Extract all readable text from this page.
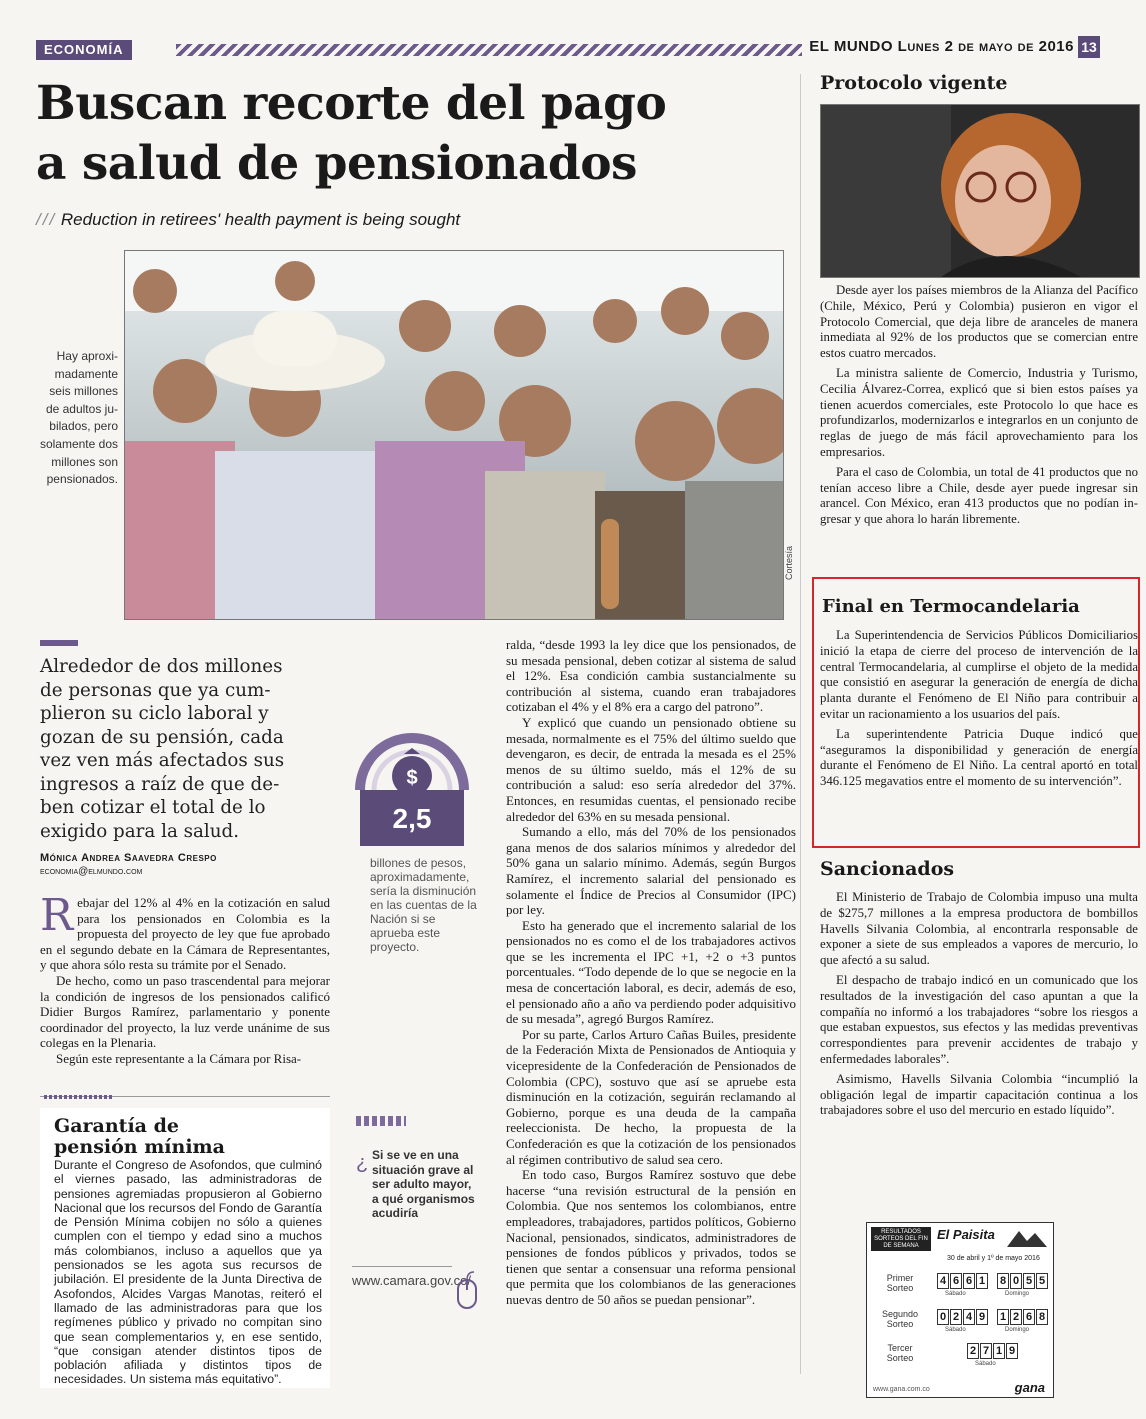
ECONOMÍA	EL MUNDO Lunes 2 de mayo de 2016 13
Buscan recorte del pago
a salud de pensionados
/// Reduction in retirees' health payment is being sought
Cortesía
Hay aproximadamente seis millones de adultos jubilados, pero solamente dos millones son pensionados.
Alrededor de dos millones de personas que ya cumplieron su ciclo laboral y gozan de su pensión, cada vez ven más afectados sus ingresos a raíz de que deben cotizar el total de lo exigido para la salud.
Mónica Andrea Saavedra Crespo
economia@elmundo.com

Rebajar del 12% al 4% en la cotización en salud para los pensionados en Colombia es la propuesta del proyecto de ley que fue aprobado en el segundo debate en la Cámara de Representantes, y que ahora sólo resta su trámite por el Senado.

De hecho, como un paso trascendental para mejorar la condición de ingresos de los pensionados calificó Didier Burgos Ramírez, parlamentario y ponente coordinador del proyecto, la luz verde unánime de sus colegas en la Plenaria.

Según este representante a la Cámara por Risa-

$
2,5
billones de pesos, aproximadamente, sería la disminución en las cuentas de la Nación si se aprueba este proyecto.

ralda, “desde 1993 la ley dice que los pensionados, de su mesada pensional, deben cotizar al sistema de salud el 12%. Esa condición cambia sustancialmente su contribución al sistema, cuando eran trabajadores cotizaban el 4% y el 8% era a cargo del patrono”.

Y explicó que cuando un pensionado obtiene su mesada, normalmente es el 75% del último sueldo que devengaron, es decir, de entrada la mesada es el 25% menos de su último sueldo, más el 12% de su contribución a salud: eso sería alrededor del 37%. Entonces, en resumidas cuentas, el pensionado recibe alrededor del 63% en su mesada pensional.

Sumando a ello, más del 70% de los pensionados gana menos de dos salarios mínimos y alrededor del 50% gana un salario mínimo. Además, según Burgos Ramírez, el incremento salarial del pensionado es solamente el Índice de Precios al Consumidor (IPC) por ley.

Esto ha generado que el incremento salarial de los pensionados no es como el de los trabajadores activos que se les incrementa el IPC +1, +2 o +3 puntos porcentuales. “Todo depende de lo que se negocie en la mesa de concertación laboral, es decir, además de eso, el pensionado año a año va perdiendo poder adquisitivo de su mesada”, agregó Burgos Ramírez.

Por su parte, Carlos Arturo Cañas Builes, presidente de la Federación Mixta de Pensionados de Antioquia y vicepresidente de la Confederación de Pensionados de Colombia (CPC), sostuvo que así se apruebe esta disminución en la cotización, seguirán reclamando al Gobierno, porque es una deuda de la campaña reeleccionista. De hecho, la propuesta de la Confederación es que la cotización de los pensionados al régimen contributivo de salud sea cero.

En todo caso, Burgos Ramírez sostuvo que debe hacerse “una revisión estructural de la pensión en Colombia. Que nos sentemos los colombianos, entre empleadores, trabajadores, partidos políticos, Gobierno Nacional, pensionados, sindicatos, administradores de pensiones de fondos públicos y privados, todos se tienen que sentar a consensuar una reforma pensional que permita que los colombianos de las generaciones nuevas dentro de 50 años se puedan pensionar”.

Garantía de
pensión mínima
Durante el Congreso de Asofondos, que culminó el viernes pasado, las administradoras de pensiones agremiadas propusieron al Gobierno Nacional que los recursos del Fondo de Garantía de Pensión Mínima cobijen no sólo a quienes cumplen con el tiempo y edad sino a muchos más colombianos, incluso a aquellos que ya pensionados se les agota sus recursos de jubilación. El presidente de la Junta Directiva de Asofondos, Alcides Vargas Manotas, reiteró el llamado de las administradoras para que los regímenes público y privado no compitan sino que sean complementarios y, en ese sentido, “que consigan atender distintos tipos de población afiliada y distintos tipos de necesidades. Un sistema más equitativo”.
¿ Si se ve en una situación grave al ser adulto mayor, a qué organismos acudiría
www.camara.gov.co/
Protocolo vigente

Desde ayer los países miembros de la Alianza del Pacífico (Chile, México, Perú y Colombia) pusieron en vigor el Protocolo Comercial, que deja libre de aranceles de manera inmediata al 92% de los productos que se comercian entre estos cuatro mercados.

La ministra saliente de Comercio, Industria y Turismo, Cecilia Álvarez-Correa, explicó que si bien estos países ya tienen acuerdos comerciales, este Protocolo lo que hace es profundizarlos, modernizarlos e integrarlos en un conjunto de reglas de juego de más fácil aprovechamiento para los empresarios.

Para el caso de Colombia, un total de 41 productos que no tenían acceso libre a Chile, desde ayer puede ingresar sin arancel. Con México, eran 413 productos que no podían ingresar y que ahora lo harán libremente.

Final en Termocandelaria

La Superintendencia de Servicios Públicos Domiciliarios inició la etapa de cierre del proceso de intervención de la central Termocandelaria, al cumplirse el objeto de la medida que consistió en asegurar la generación de energía de dicha planta durante el Fenómeno de El Niño para contribuir a evitar un racionamiento a los usuarios del país.

La superintendente Patricia Duque indicó que “aseguramos la disponibilidad y generación de energía durante el Fenómeno de El Niño. La central aportó en total 346.125 megavatios entre el momento de su intervención”.

Sancionados

El Ministerio de Trabajo de Colombia impuso una multa de $275,7 millones a la empresa productora de bombillos Havells Silvania Colombia, al encontrarla responsable de exponer a siete de sus empleados a vapores de mercurio, lo que afectó a su salud.

El despacho de trabajo indicó en un comunicado que los resultados de la investigación del caso apuntan a que la compañía no informó a los trabajadores “sobre los riesgos a que estaban expuestos, sus efectos y las medidas preventivas correspondientes para prevenir accidentes de trabajo y enfermedades laborales”.

Asimismo, Havells Silvania Colombia “incumplió la obligación legal de impartir capacitación continua a los trabajadores sobre el uso del mercurio en estado líquido”.

RESULTADOS SORTEOS DEL FIN DE SEMANA
El Paisita
30 de abril y 1º de mayo 2016
Primer Sorteo
4 6 6 1
Sábado
8 0 5 5
Domingo
Segundo Sorteo
0 2 4 9
Sábado
1 2 6 8
Domingo
Tercer Sorteo
2 7 1 9
Sábado
www.gana.com.co	gana
